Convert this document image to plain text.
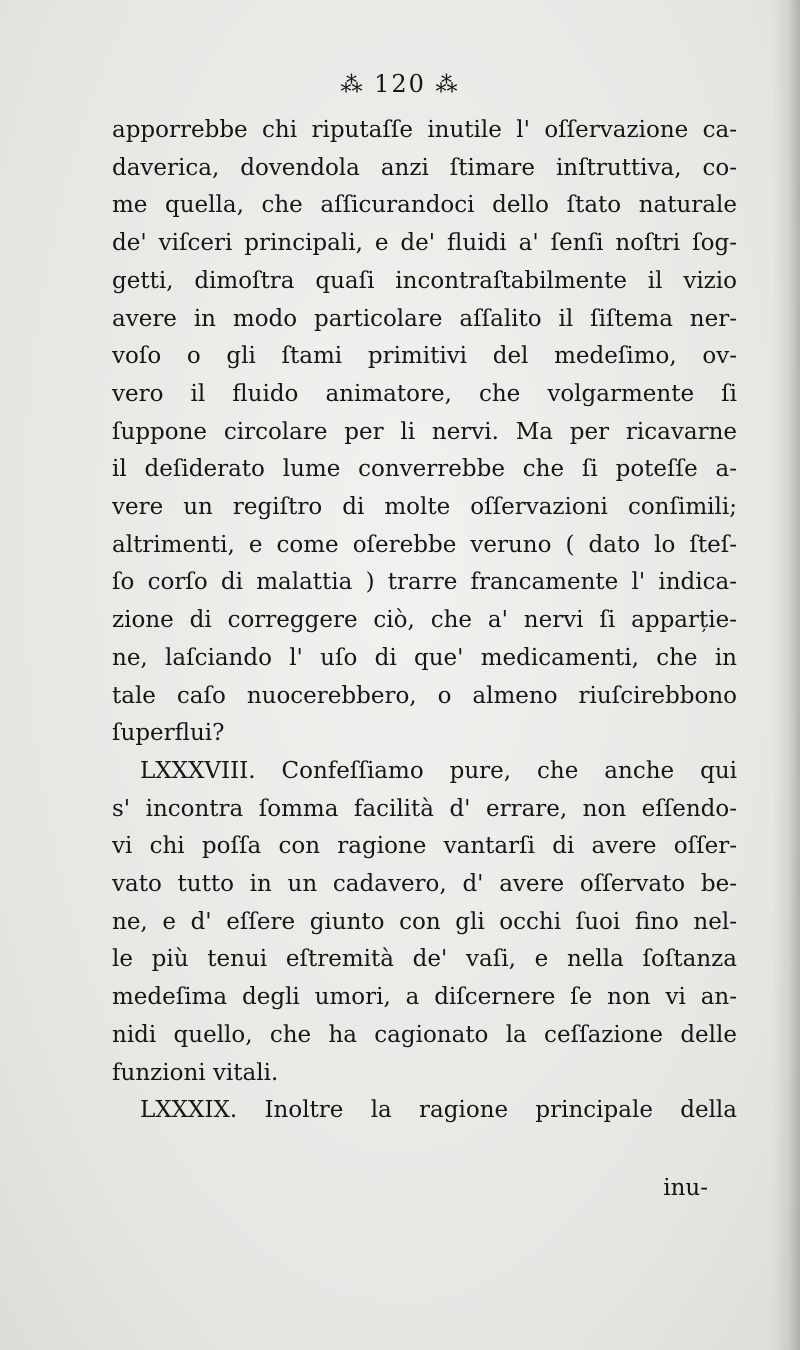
⁂ 120 ⁂
apporrebbe chi riputaſſe inutile l' oſſervazione ca-
daverica, dovendola anzi ſtimare inſtruttiva, co-
me quella, che aſſicurandoci dello ſtato naturale
de' viſceri principali, e de' fluidi a' ſenſi noſtri ſog-
getti, dimoſtra quaſi incontraſtabilmente il vizio
avere in modo particolare aſſalito il ſiſtema ner-
voſo o gli ſtami primitivi del medeſimo, ov-
vero il fluido animatore, che volgarmente ſi
ſuppone circolare per li nervi. Ma per ricavarne
il deſiderato lume converrebbe che ſi poteſſe a-
vere un regiſtro di molte oſſervazioni conſimili;
altrimenti, e come oſerebbe veruno ( dato lo ſteſ-
ſo corſo di malattia ) trarre francamente l' indica-
zione di correggere ciò, che a' nervi ſi apparție-
ne, laſciando l' uſo di que' medicamenti, che in
tale caſo nuocerebbero, o almeno riuſcirebbono
ſuperflui?
LXXXVIII. Confeſſiamo pure, che anche qui
s' incontra ſomma facilità d' errare, non eſſendo-
vi chi poſſa con ragione vantarſi di avere oſſer-
vato tutto in un cadavero, d' avere oſſervato be-
ne, e d' eſſere giunto con gli occhi ſuoi fino nel-
le più tenui eſtremità de' vaſi, e nella ſoſtanza
medeſima degli umori, a diſcernere ſe non vi an-
nidi quello, che ha cagionato la ceſſazione delle
funzioni vitali.
LXXXIX. Inoltre la ragione principale della
inu-
